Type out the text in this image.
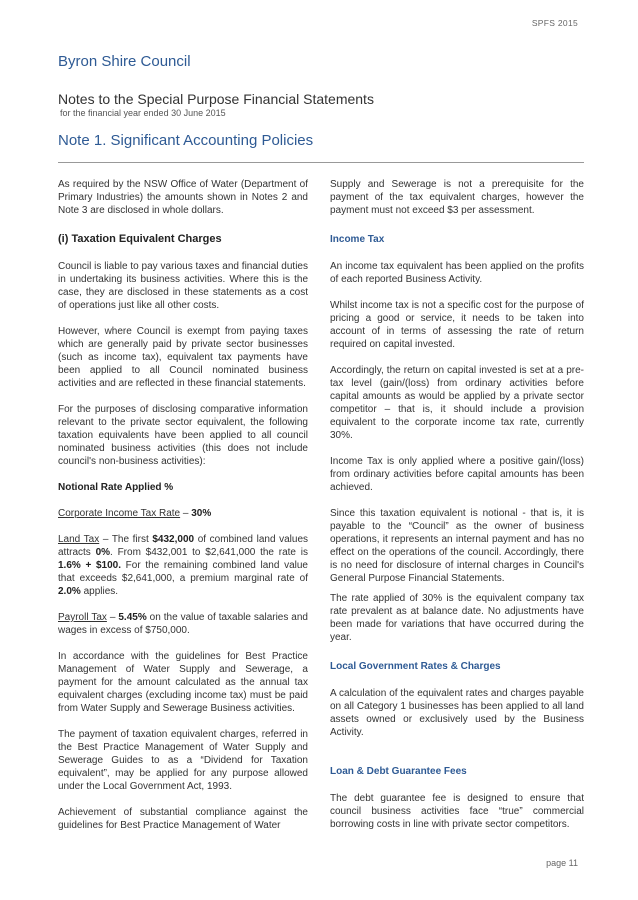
SPFS 2015
Byron Shire Council
Notes to the Special Purpose Financial Statements
for the financial year ended 30 June 2015
Note 1. Significant Accounting Policies

As required by the NSW Office of Water (Department of Primary Industries) the amounts shown in Notes 2 and Note 3 are disclosed in whole dollars.

(i) Taxation Equivalent Charges

Council is liable to pay various taxes and financial duties in undertaking its business activities. Where this is the case, they are disclosed in these statements as a cost of operations just like all other costs.

However, where Council is exempt from paying taxes which are generally paid by private sector businesses (such as income tax), equivalent tax payments have been applied to all Council nominated business activities and are reflected in these financial statements.

For the purposes of disclosing comparative information relevant to the private sector equivalent, the following taxation equivalents have been applied to all council nominated business activities (this does not include council's non-business activities):

Notional Rate Applied %

Corporate Income Tax Rate – 30%

Land Tax – The first $432,000 of combined land values attracts 0%. From $432,001 to $2,641,000 the rate is 1.6% + $100. For the remaining combined land value that exceeds $2,641,000, a premium marginal rate of 2.0% applies.

Payroll Tax – 5.45% on the value of taxable salaries and wages in excess of $750,000.

In accordance with the guidelines for Best Practice Management of Water Supply and Sewerage, a payment for the amount calculated as the annual tax equivalent charges (excluding income tax) must be paid from Water Supply and Sewerage Business activities.

The payment of taxation equivalent charges, referred in the Best Practice Management of Water Supply and Sewerage Guides to as a “Dividend for Taxation equivalent”, may be applied for any purpose allowed under the Local Government Act, 1993.

Achievement of substantial compliance against the guidelines for Best Practice Management of Water

Supply and Sewerage is not a prerequisite for the payment of the tax equivalent charges, however the payment must not exceed $3 per assessment.

Income Tax

An income tax equivalent has been applied on the profits of each reported Business Activity.

Whilst income tax is not a specific cost for the purpose of pricing a good or service, it needs to be taken into account of in terms of assessing the rate of return required on capital invested.

Accordingly, the return on capital invested is set at a pre-tax level (gain/(loss) from ordinary activities before capital amounts as would be applied by a private sector competitor – that is, it should include a provision equivalent to the corporate income tax rate, currently 30%.

Income Tax is only applied where a positive gain/(loss) from ordinary activities before capital amounts has been achieved.

Since this taxation equivalent is notional - that is, it is payable to the “Council” as the owner of business operations, it represents an internal payment and has no effect on the operations of the council. Accordingly, there is no need for disclosure of internal charges in Council's General Purpose Financial Statements.

The rate applied of 30% is the equivalent company tax rate prevalent as at balance date. No adjustments have been made for variations that have occurred during the year.

Local Government Rates & Charges

A calculation of the equivalent rates and charges payable on all Category 1 businesses has been applied to all land assets owned or exclusively used by the Business Activity.

Loan & Debt Guarantee Fees

The debt guarantee fee is designed to ensure that council business activities face “true” commercial borrowing costs in line with private sector competitors.

page 11
